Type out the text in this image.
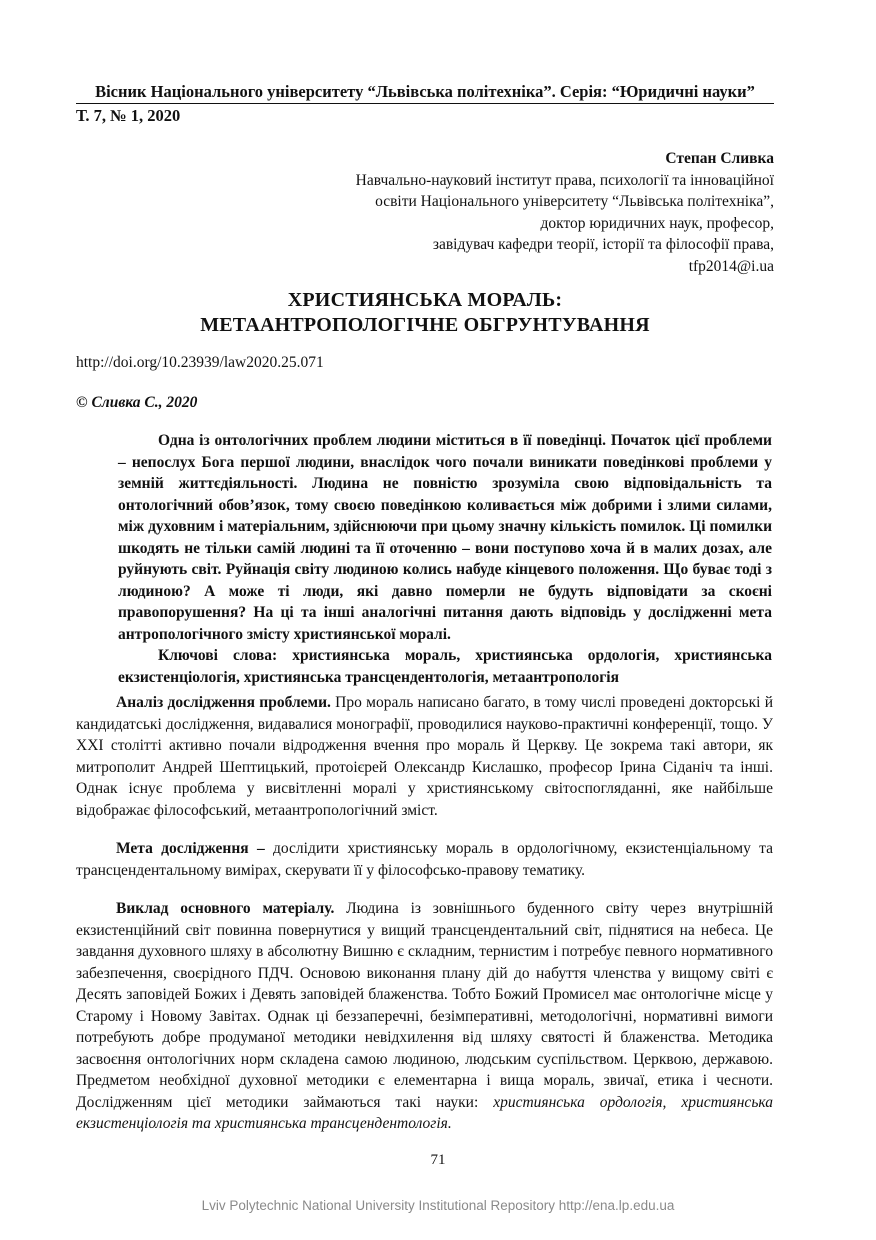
Вісник Національного університету “Львівська політехніка”. Серія: “Юридичні науки”
Т. 7, № 1, 2020
Степан Сливка
Навчально-науковий інститут права, психології та інноваційної
освіти Національного університету “Львівська політехніка”,
доктор юридичних наук, професор,
завідувач кафедри теорії, історії та філософії права,
tfp2014@i.ua
ХРИСТИЯНСЬКА МОРАЛЬ:
МЕТААНТРОПОЛОГІЧНЕ ОБГРУНТУВАННЯ
http://doi.org/10.23939/law2020.25.071
© Сливка С., 2020

Одна із онтологічних проблем людини міститься в її поведінці. Початок цієї проблеми – непослух Бога першої людини, внаслідок чого почали виникати поведінкові проблеми у земній життєдіяльності. Людина не повністю зрозуміла свою відповідальність та онтологічний обов’язок, тому своєю поведінкою коливається між добрими і злими силами, між духовним і матеріальним, здійснюючи при цьому значну кількість помилок. Ці помилки шкодять не тільки самій людині та її оточенню – вони поступово хоча й в малих дозах, але руйнують світ. Руйнація світу людиною колись набуде кінцевого положення. Що буває тоді з людиною? А може ті люди, які давно померли не будуть відповідати за скоєні правопорушення? На ці та інші аналогічні питання дають відповідь у дослідженні мета антропологічного змісту християнської моралі.

Ключові слова: християнська мораль, християнська ордологія, християнська екзистенціологія, християнська трансцендентологія, метаантропологія

Аналіз дослідження проблеми. Про мораль написано багато, в тому числі проведені докторські й кандидатські дослідження, видавалися монографії, проводилися науково-практичні конференції, тощо. У ХХІ столітті активно почали відродження вчення про мораль й Церкву. Це зокрема такі автори, як митрополит Андрей Шептицький, протоієрей Олександр Кислашко, професор Ірина Сіданіч та інші. Однак існує проблема у висвітленні моралі у християнському світоспогляданні, яке найбільше відображає філософський, метаантропологічний зміст.

Мета дослідження – дослідити християнську мораль в ордологічному, екзистенціальному та трансцендентальному вимірах, скерувати її у філософсько-правову тематику.

Виклад основного матеріалу. Людина із зовнішнього буденного світу через внутрішній екзистенційний світ повинна повернутися у вищий трансцендентальний світ, піднятися на небеса. Це завдання духовного шляху в абсолютну Вишню є складним, тернистим і потребує певного нормативного забезпечення, своєрідного ПДЧ. Основою виконання плану дій до набуття членства у вищому світі є Десять заповідей Божих і Девять заповідей блаженства. Тобто Божий Промисел має онтологічне місце у Старому і Новому Завітах. Однак ці беззаперечні, безімперативні, методологічні, нормативні вимоги потребують добре продуманої методики невідхилення від шляху святості й блаженства. Методика засвоєння онтологічних норм складена самою людиною, людським суспільством. Церквою, державою. Предметом необхідної духовної методики є елементарна і вища мораль, звичаї, етика і чесноти. Дослідженням цієї методики займаються такі науки: християнська ордологія, християнська екзистенціологія та християнська трансцендентологія.

71
Lviv Polytechnic National University Institutional Repository http://ena.lp.edu.ua
